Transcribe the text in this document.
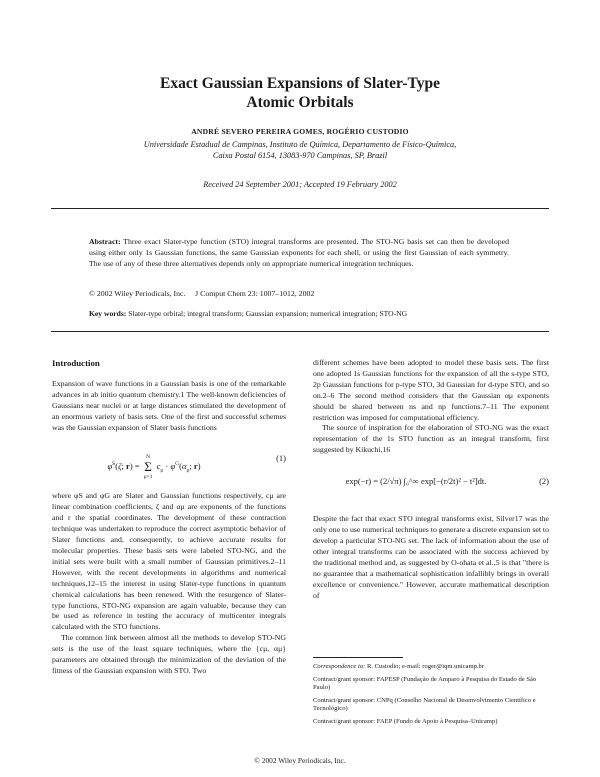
Exact Gaussian Expansions of Slater-Type
Atomic Orbitals
ANDRÉ SEVERO PEREIRA GOMES, ROGÉRIO CUSTODIO
Universidade Estadual de Campinas, Instituto de Química, Departamento de Físico-Química,
Caixa Postal 6154, 13083-970 Campinas, SP, Brazil
Received 24 September 2001; Accepted 19 February 2002
Abstract: Three exact Slater-type function (STO) integral transforms are presented. The STO-NG basis set can then be developed using either only 1s Gaussian functions, the same Gaussian exponents for each shell, or using the first Gaussian of each symmetry. The use of any of these three alternatives depends only on appropriate numerical integration techniques.
© 2002 Wiley Periodicals, Inc.     J Comput Chem 23: 1007–1012, 2002
Key words: Slater-type orbital; integral transform; Gaussian expansion; numerical integration; STO-NG
Introduction

Expansion of wave functions in a Gaussian basis is one of the remarkable advances in ab initio quantum chemistry.1 The well-known deficiencies of Gaussians near nuclei or at large distances stimulated the development of an enormous variety of basis sets. One of the first and successful schemes was the Gaussian expansion of Slater basis functions

$\varphi^S(\zeta$; r) =
N
Σ
μ=1
$c_\mu \cdot \varphi^G(\alpha_\mu$; r)
(1)

where φS and φG are Slater and Gaussian functions respectively, cμ are linear combination coefficients, ζ and αμ are exponents of the functions and r the spatial coordinates. The development of these contraction technique was undertaken to reproduce the correct asymptotic behavior of Slater functions and, consequently, to achieve accurate results for molecular properties. These basis sets were labeled STO-NG, and the initial sets were built with a small number of Gaussian primitives.2–11 However, with the recent developments in algorithms and numerical techniques,12–15 the interest in using Slater-type functions in quantum chemical calculations has been renewed. With the resurgence of Slater-type functions, STO-NG expansion are again valuable, because they can be used as reference in testing the accuracy of multicenter integrals calculated with the STO functions.

The common link between almost all the methods to develop STO-NG sets is the use of the least square techniques, where the {cμ, αμ} parameters are obtained through the minimization of the deviation of the fitness of the Gaussian expansion with STO. Two

different schemes have been adopted to model these basis sets. The first one adopted 1s Gaussian functions for the expansion of all the s-type STO, 2p Gaussian functions for p-type STO, 3d Gaussian for d-type STO, and so on.2–6 The second method considers that the Gaussian αμ exponents should be shared between ns and np functions.7–11 The exponent restriction was imposed for computational efficiency.

The source of inspiration for the elaboration of STO-NG was the exact representation of the 1s STO function as an integral transform, first suggested by Kikuchi,16

exp(−r) = (2/√π) ∫₀^∞ exp[−(r/2t)² − t²]dt.	(2)

Despite the fact that exact STO integral transforms exist, Silver17 was the only one to use numerical techniques to generate a discrete expansion set to develop a particular STO-NG set. The lack of information about the use of other integral transforms can be associated with the success achieved by the traditional method and, as suggested by O-ohata et al.,5 is that "there is no guarantee that a mathematical sophistication infallibly brings in overall excellence or convenience." However, accurate mathematical description of

Correspondence to: R. Custodio; e-mail: roger@iqm.unicamp.br
Contract/grant sponsor: FAPESP (Fundação de Amparo à Pesquisa do Estado de São Paulo)
Contract/grant sponsor: CNPq (Conselho Nacional de Desenvolvimento Científico e Tecnológico)
Contract/grant sponsor: FAEP (Fundo de Apoio à Pesquisa–Unicamp)
© 2002 Wiley Periodicals, Inc.
